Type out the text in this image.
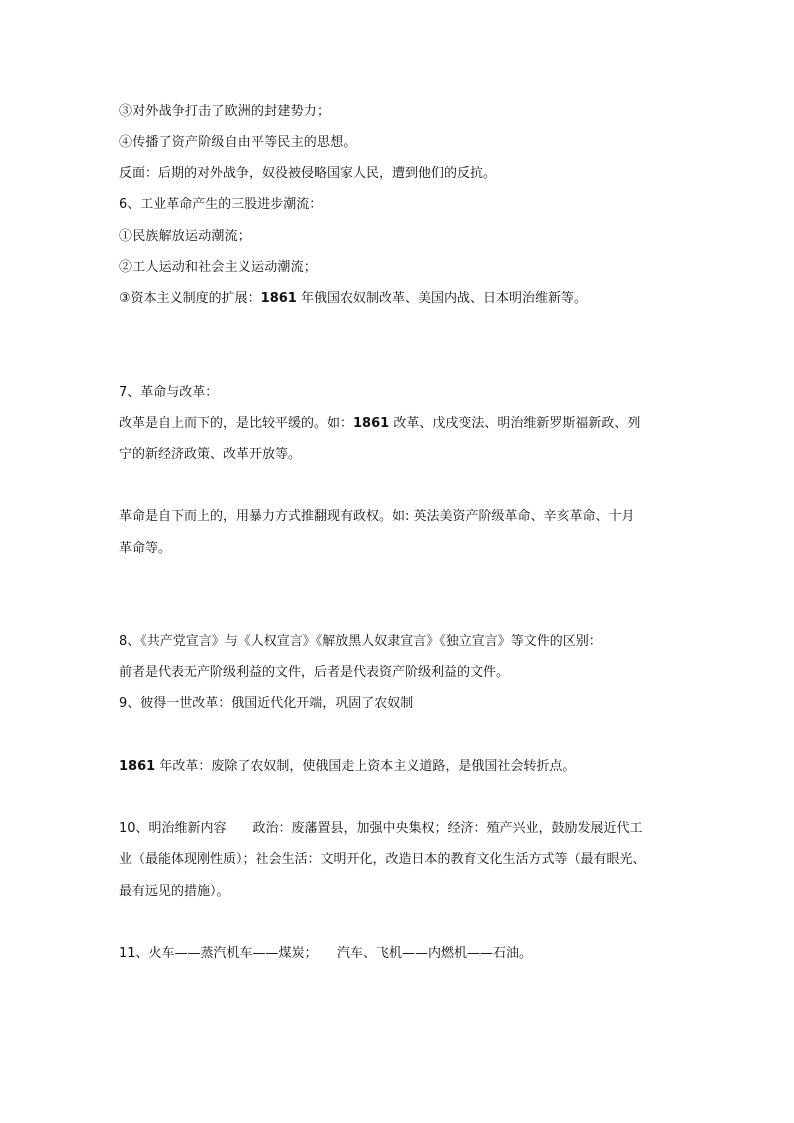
③对外战争打击了欧洲的封建势力；
④传播了资产阶级自由平等民主的思想。
反面：后期的对外战争，奴役被侵略国家人民，遭到他们的反抗。
6、工业革命产生的三股进步潮流：
①民族解放运动潮流；
②工人运动和社会主义运动潮流；
③资本主义制度的扩展：1861 年俄国农奴制改革、美国内战、日本明治维新等。
7、革命与改革：
改革是自上而下的，是比较平缓的。如：1861 改革、戊戌变法、明治维新罗斯福新政、列
宁的新经济政策、改革开放等。
革命是自下而上的，用暴力方式推翻现有政权。如: 英法美资产阶级革命、辛亥革命、十月
革命等。
8、《共产党宣言》与《人权宣言》《解放黑人奴隶宣言》《独立宣言》等文件的区别：
前者是代表无产阶级利益的文件，后者是代表资产阶级利益的文件。
9、彼得一世改革：俄国近代化开端，巩固了农奴制
1861 年改革：废除了农奴制，使俄国走上资本主义道路，是俄国社会转折点。
10、明治维新内容　　政治：废藩置县，加强中央集权；经济：殖产兴业，鼓励发展近代工
业（最能体现刚性质）；社会生活：文明开化，改造日本的教育文化生活方式等（最有眼光、
最有远见的措施）。
11、火车——蒸汽机车——煤炭；　　汽车、飞机——内燃机——石油。
